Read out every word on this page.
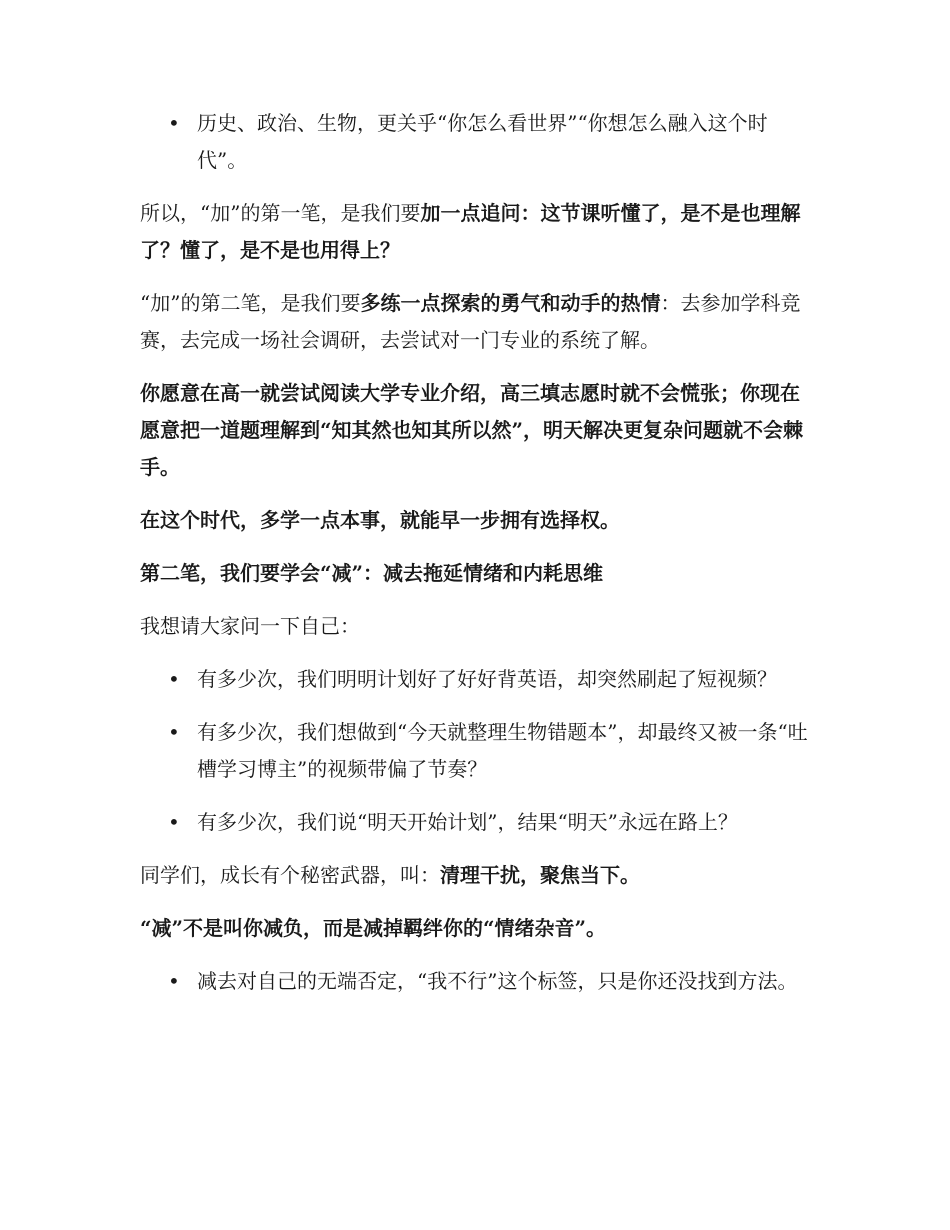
• 历史、政治、生物，更关乎“你怎么看世界”“你想怎么融入这个时代”。

所以，“加”的第一笔，是我们要加一点追问：这节课听懂了，是不是也理解了？懂了，是不是也用得上？

“加”的第二笔，是我们要多练一点探索的勇气和动手的热情：去参加学科竞赛，去完成一场社会调研，去尝试对一门专业的系统了解。

你愿意在高一就尝试阅读大学专业介绍，高三填志愿时就不会慌张；你现在愿意把一道题理解到“知其然也知其所以然”，明天解决更复杂问题就不会棘手。

在这个时代，多学一点本事，就能早一步拥有选择权。

第二笔，我们要学会“减”：减去拖延情绪和内耗思维

我想请大家问一下自己：

• 有多少次，我们明明计划好了好好背英语，却突然刷起了短视频？
• 有多少次，我们想做到“今天就整理生物错题本”，却最终又被一条“吐槽学习博主”的视频带偏了节奏？
• 有多少次，我们说“明天开始计划”，结果“明天”永远在路上？

同学们，成长有个秘密武器，叫：清理干扰，聚焦当下。

“减”不是叫你减负，而是减掉羁绊你的“情绪杂音”。

• 减去对自己的无端否定，“我不行”这个标签，只是你还没找到方法。
